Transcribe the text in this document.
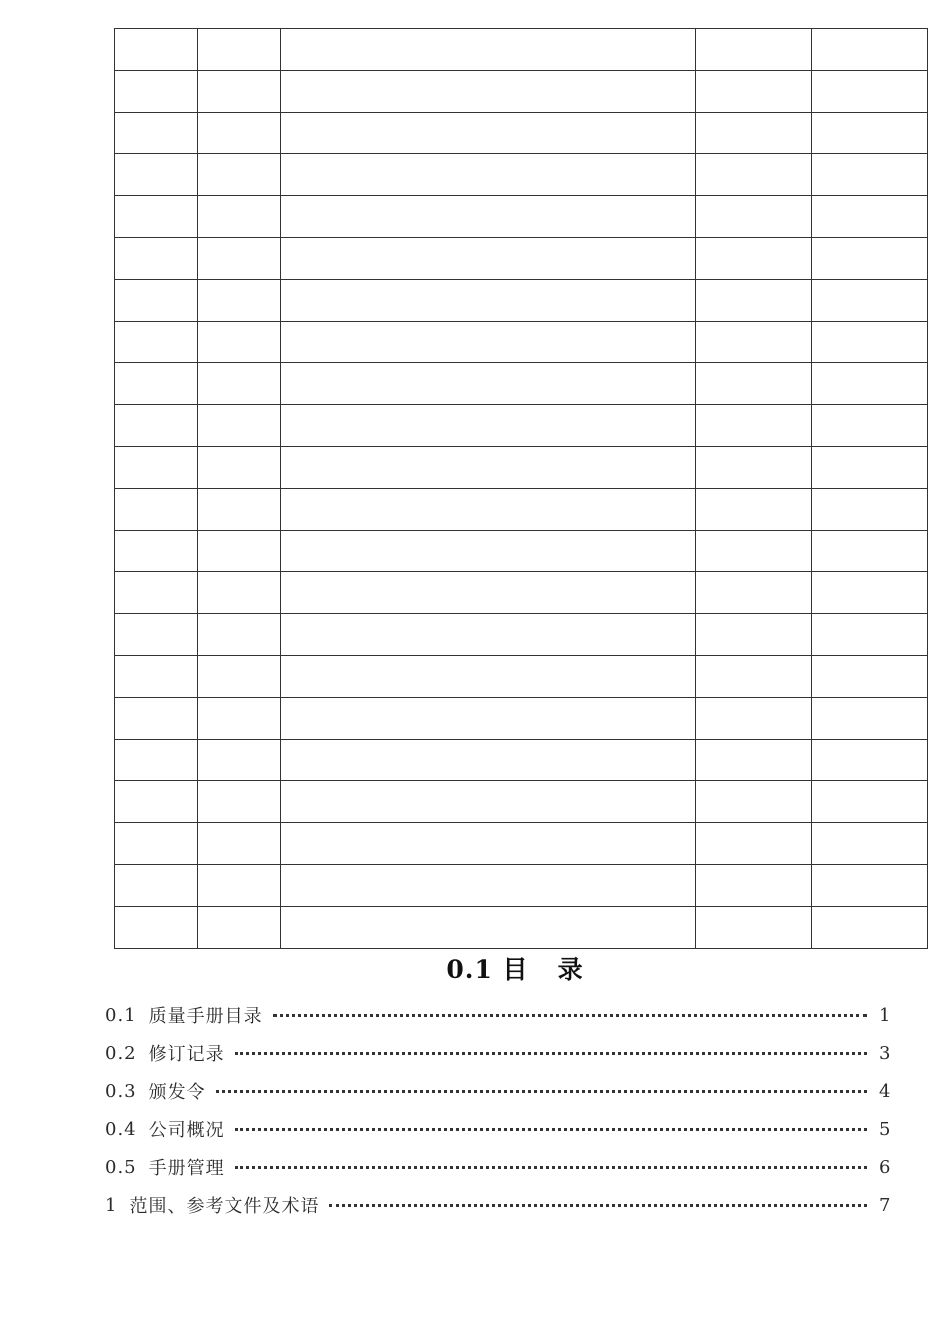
0.1 目   录
0.1 质量手册目录	1
0.2 修订记录	3
0.3 颁发令	4
0.4 公司概况	5
0.5 手册管理	6
1 范围、参考文件及术语	7
